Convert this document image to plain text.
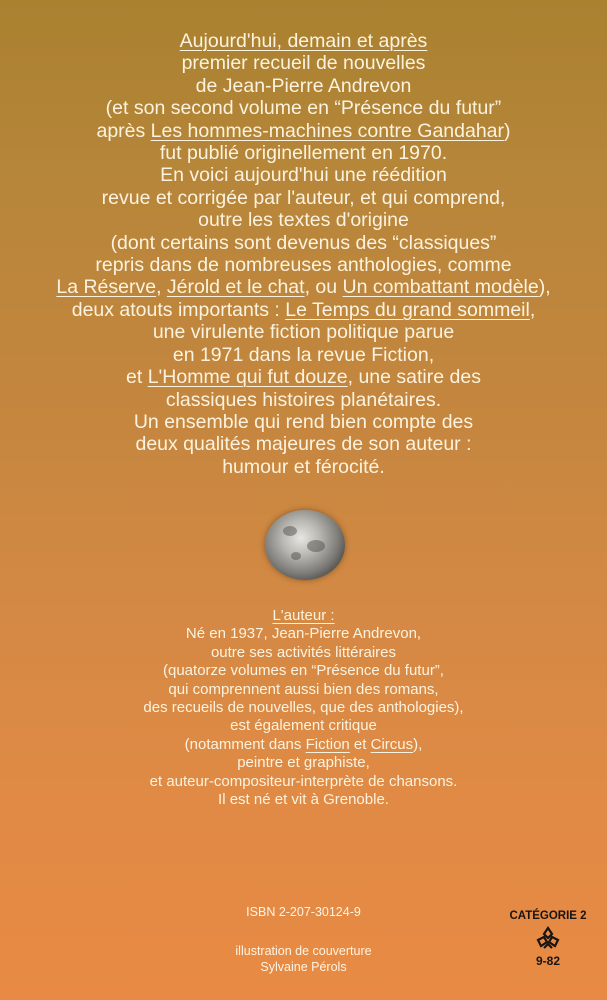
Aujourd'hui, demain et après
premier recueil de nouvelles
de Jean-Pierre Andrevon
(et son second volume en “Présence du futur”
après Les hommes-machines contre Gandahar)
fut publié originellement en 1970.
En voici aujourd'hui une réédition
revue et corrigée par l'auteur, et qui comprend,
outre les textes d'origine
(dont certains sont devenus des “classiques”
repris dans de nombreuses anthologies, comme
La Réserve, Jérold et le chat, ou Un combattant modèle),
deux atouts importants : Le Temps du grand sommeil,
une virulente fiction politique parue
en 1971 dans la revue Fiction,
et L'Homme qui fut douze, une satire des
classiques histoires planétaires.
Un ensemble qui rend bien compte des
deux qualités majeures de son auteur :
humour et férocité.
L'auteur :
Né en 1937, Jean-Pierre Andrevon,
outre ses activités littéraires
(quatorze volumes en “Présence du futur”,
qui comprennent aussi bien des romans,
des recueils de nouvelles, que des anthologies),
est également critique
(notamment dans Fiction et Circus),
peintre et graphiste,
et auteur-compositeur-interprète de chansons.
Il est né et vit à Grenoble.
ISBN 2-207-30124-9
illustration de couverture
Sylvaine Pérols
CATÉGORIE 2
9-82
